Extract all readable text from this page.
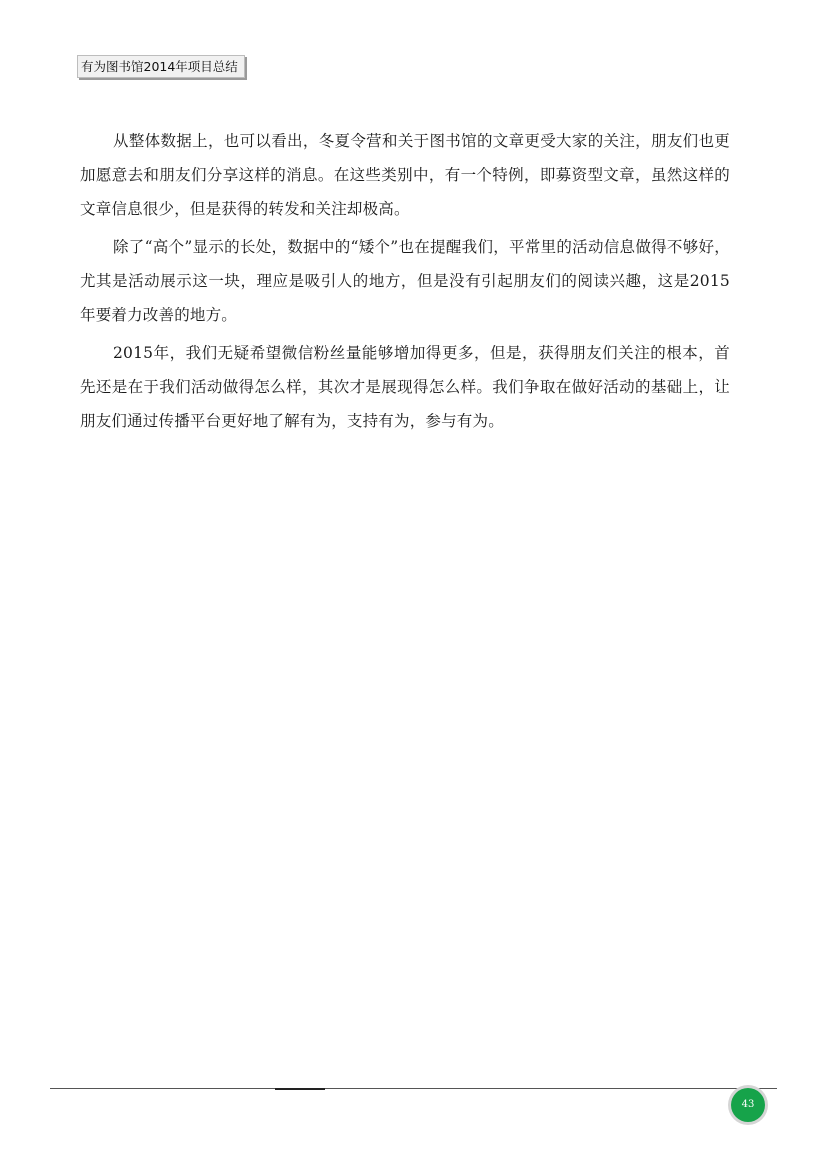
有为图书馆2014年项目总结

从整体数据上，也可以看出，冬夏令营和关于图书馆的文章更受大家的关注，朋友们也更加愿意去和朋友们分享这样的消息。在这些类别中，有一个特例，即募资型文章，虽然这样的文章信息很少，但是获得的转发和关注却极高。

除了“高个”显示的长处，数据中的“矮个”也在提醒我们，平常里的活动信息做得不够好，尤其是活动展示这一块，理应是吸引人的地方，但是没有引起朋友们的阅读兴趣，这是2015年要着力改善的地方。

2015年，我们无疑希望微信粉丝量能够增加得更多，但是，获得朋友们关注的根本，首先还是在于我们活动做得怎么样，其次才是展现得怎么样。我们争取在做好活动的基础上，让朋友们通过传播平台更好地了解有为，支持有为，参与有为。

43
